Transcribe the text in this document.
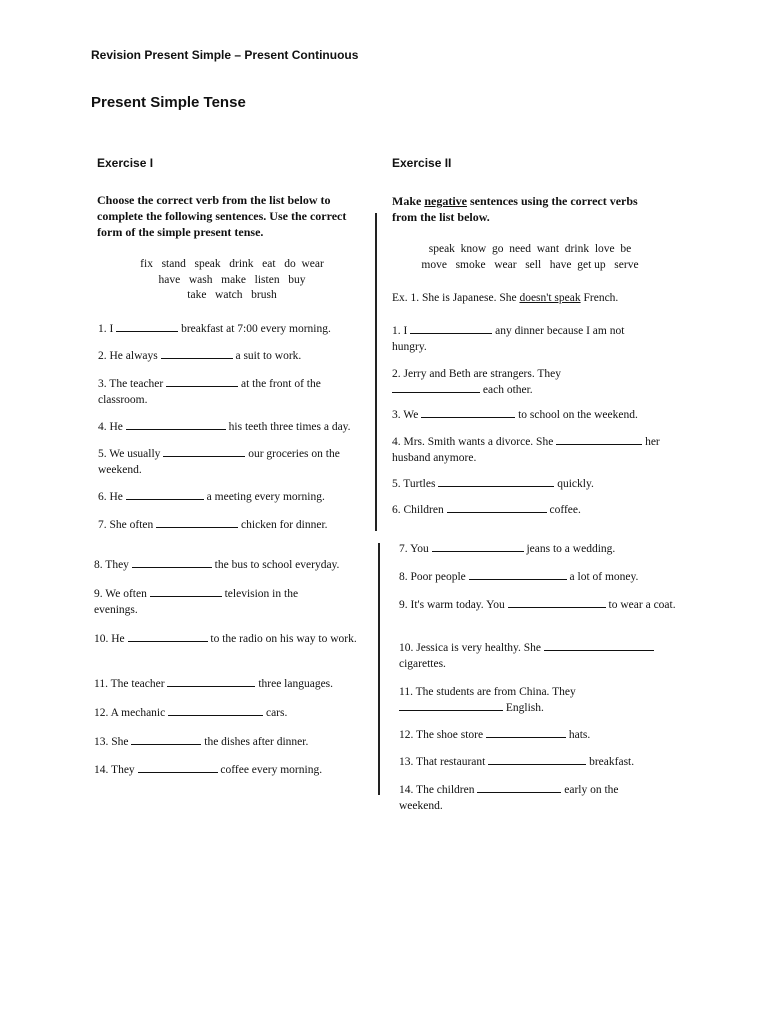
Revision Present Simple – Present Continuous
Present Simple Tense
Exercise I
Choose the correct verb from the list below to complete the following sentences. Use the correct form of the simple present tense.
fix   stand   speak   drink   eat   do  wear
have   wash   make   listen   buy
take   watch   brush
1. I	breakfast at 7:00 every morning.
2. He always	a suit to work.
3. The teacher	at the front of the classroom.
4. He	his teeth three times a day.
5. We usually	our groceries on the weekend.
6. He	a meeting every morning.
7. She often	chicken for dinner.
8. They	the bus to school everyday.
9. We often	television in the evenings.
10. He	to the radio on his way to work.
11. The teacher	three languages.
12. A mechanic	cars.
13. She	the dishes after dinner.
14. They	coffee every morning.
Exercise II
Make negative sentences using the correct verbs from the list below.
speak  know  go  need  want  drink  love  be
move   smoke   wear   sell   have  get up   serve
Ex. 1. She is Japanese. She doesn't speak French.
1. I	any dinner because I am not hungry.
2. Jerry and Beth are strangers. They  each other.
3. We	to school on the weekend.
4. Mrs. Smith wants a divorce. She	her husband anymore.
5. Turtles	quickly.
6. Children	coffee.
7. You	jeans to a wedding.
8. Poor people	a lot of money.
9. It's warm today. You	to wear a coat.
10. Jessica is very healthy. She  cigarettes.
11. The students are from China. They  English.
12. The shoe store	hats.
13. That restaurant	breakfast.
14. The children	early on the weekend.
